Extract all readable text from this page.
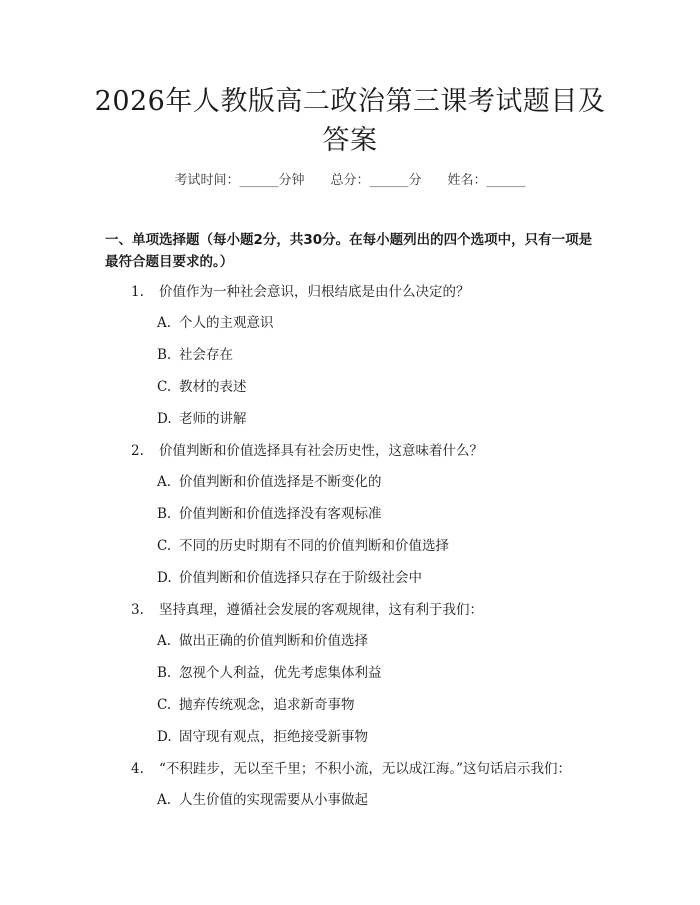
2026年人教版高二政治第三课考试题目及答案
考试时间：______分钟 总分：______分 姓名：______

一、单项选择题（每小题2分，共30分。在每小题列出的四个选项中，只有一项是最符合题目要求的。）

1. 价值作为一种社会意识，归根结底是由什么决定的？
A. 个人的主观意识
B. 社会存在
C. 教材的表述
D. 老师的讲解
2. 价值判断和价值选择具有社会历史性，这意味着什么？
A. 价值判断和价值选择是不断变化的
B. 价值判断和价值选择没有客观标准
C. 不同的历史时期有不同的价值判断和价值选择
D. 价值判断和价值选择只存在于阶级社会中
3. 坚持真理，遵循社会发展的客观规律，这有利于我们：
A. 做出正确的价值判断和价值选择
B. 忽视个人利益，优先考虑集体利益
C. 抛弃传统观念，追求新奇事物
D. 固守现有观点，拒绝接受新事物
4. “不积跬步，无以至千里；不积小流，无以成江海。”这句话启示我们：
A. 人生价值的实现需要从小事做起
